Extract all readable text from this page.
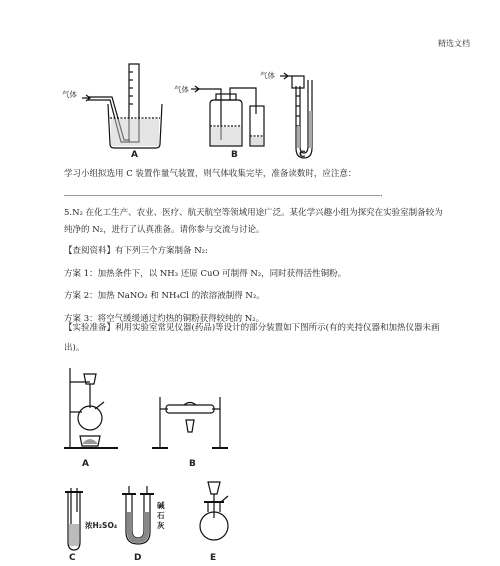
精选文档
气体
气体
气体
A	B	C
学习小组拟选用 C 装置作量气装置，则气体收集完毕，准备读数时，应注意：
.
5.N₂ 在化工生产、农业、医疗、航天航空等领域用途广泛。某化学兴趣小组为探究在实验室制备较为
纯净的 N₂，进行了认真准备。请你参与交流与讨论。
【查阅资料】有下列三个方案制备 N₂:
方案 1：加热条件下，以 NH₃ 还原 CuO 可制得 N₂，同时获得活性铜粉。
方案 2：加热 NaNO₂ 和 NH₄Cl 的浓溶液制得 N₂。
方案 3：将空气缓缓通过灼热的铜粉获得较纯的 N₂。
【实验准备】利用实验室常见仪器(药品)等设计的部分装置如下图所示(有的夹持仪器和加热仪器未画
出)。
A	B
C	D	E
浓H₂SO₄
碱
石
灰
